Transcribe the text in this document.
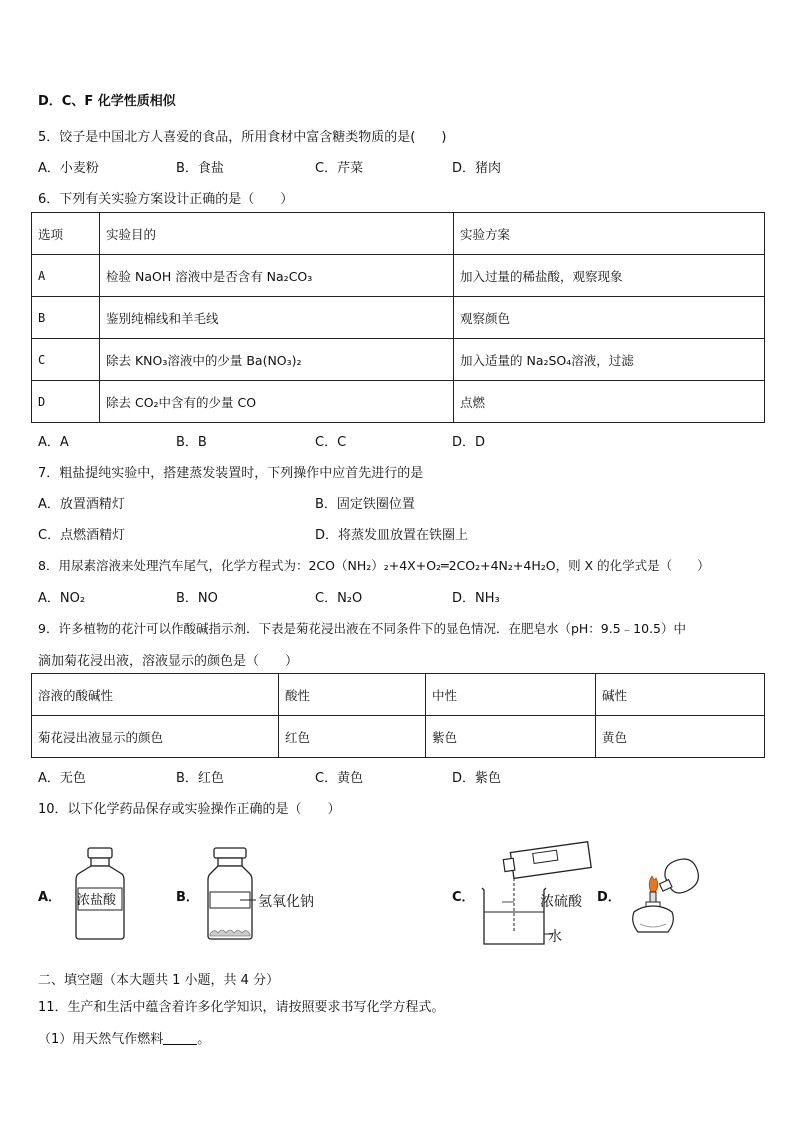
D．C、F 化学性质相似
5．饺子是中国北方人喜爱的食品，所用食材中富含糖类物质的是(　　)
A．小麦粉	B．食盐	C．芹菜	D．猪肉
6．下列有关实验方案设计正确的是（　　）
选项	实验目的	实验方案
A	检验 NaOH 溶液中是否含有 Na₂CO₃	加入过量的稀盐酸，观察现象
B	鉴别纯棉线和羊毛线	观察颜色
C	除去 KNO₃溶液中的少量 Ba(NO₃)₂	加入适量的 Na₂SO₄溶液，过滤
D	除去 CO₂中含有的少量 CO	点燃
A．A	B．B	C．C	D．D
7．粗盐提纯实验中，搭建蒸发装置时，下列操作中应首先进行的是
A．放置酒精灯	B．固定铁圈位置
C．点燃酒精灯	D．将蒸发皿放置在铁圈上
8．用尿素溶液来处理汽车尾气，化学方程式为：2CO（NH₂）₂+4X+O₂═2CO₂+4N₂+4H₂O，则 X 的化学式是（　　）
A．NO₂	B．NO	C．N₂O	D．NH₃
9．许多植物的花汁可以作酸碱指示剂．下表是菊花浸出液在不同条件下的显色情况．在肥皂水（pH：9.5﹣10.5）中
滴加菊花浸出液，溶液显示的颜色是（　　）
溶液的酸碱性	酸性	中性	碱性
菊花浸出液显示的颜色	红色	紫色	黄色
A．无色	B．红色	C．黄色	D．紫色
10．以下化学药品保存或实验操作正确的是（　　）
A． 浓盐酸	B．	氢氧化钠	C．	浓硫酸
水
D．
二、填空题（本大题共 1 小题，共 4 分）
11．生产和生活中蕴含着许多化学知识，请按照要求书写化学方程式。
（1）用天然气作燃料	。
